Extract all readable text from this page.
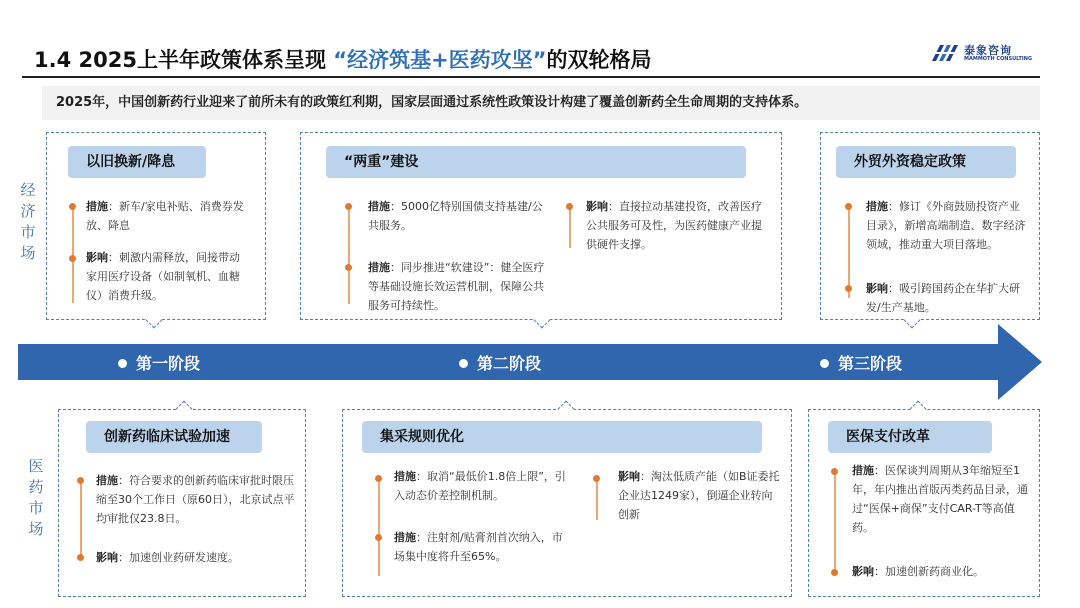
1.4 2025上半年政策体系呈现 “经济筑基+医药攻坚”的双轮格局	泰象咨询
MAMMOTH CONSULTING
2025年，中国创新药行业迎来了前所未有的政策红利期，国家层面通过系统性政策设计构建了覆盖创新药全生命周期的支持体系。
经
济
市
场
医
药
市
场
以旧换新/降息
措施：新车/家电补贴、消费券发放、降息
影响：刺激内需释放，间接带动家用医疗设备（如制氧机、血糖仪）消费升级。
“两重”建设
措施：5000亿特别国债支持基建/公共服务。
措施：同步推进“软建设”：健全医疗等基础设施长效运营机制，保障公共服务可持续性。
影响：直接拉动基建投资，改善医疗公共服务可及性，为医药健康产业提供硬件支撑。
外贸外资稳定政策
措施：修订《外商鼓励投资产业目录》，新增高端制造、数字经济领域，推动重大项目落地。
影响：吸引跨国药企在华扩大研发/生产基地。
第一阶段	第二阶段	第三阶段
创新药临床试验加速
措施：符合要求的创新药临床审批时限压缩至30个工作日（原60日），北京试点平均审批仅23.8日。
影响：加速创业药研发速度。
集采规则优化
措施：取消“最低价1.8倍上限”，引入动态价差控制机制。
措施：注射剂/贴膏剂首次纳入，市场集中度将升至65%。
影响：淘汰低质产能（如B证委托企业达1249家），倒逼企业转向创新
医保支付改革
措施：医保谈判周期从3年缩短至1年，年内推出首版丙类药品目录，通过“医保+商保”支付CAR-T等高值药。
影响：加速创新药商业化。
